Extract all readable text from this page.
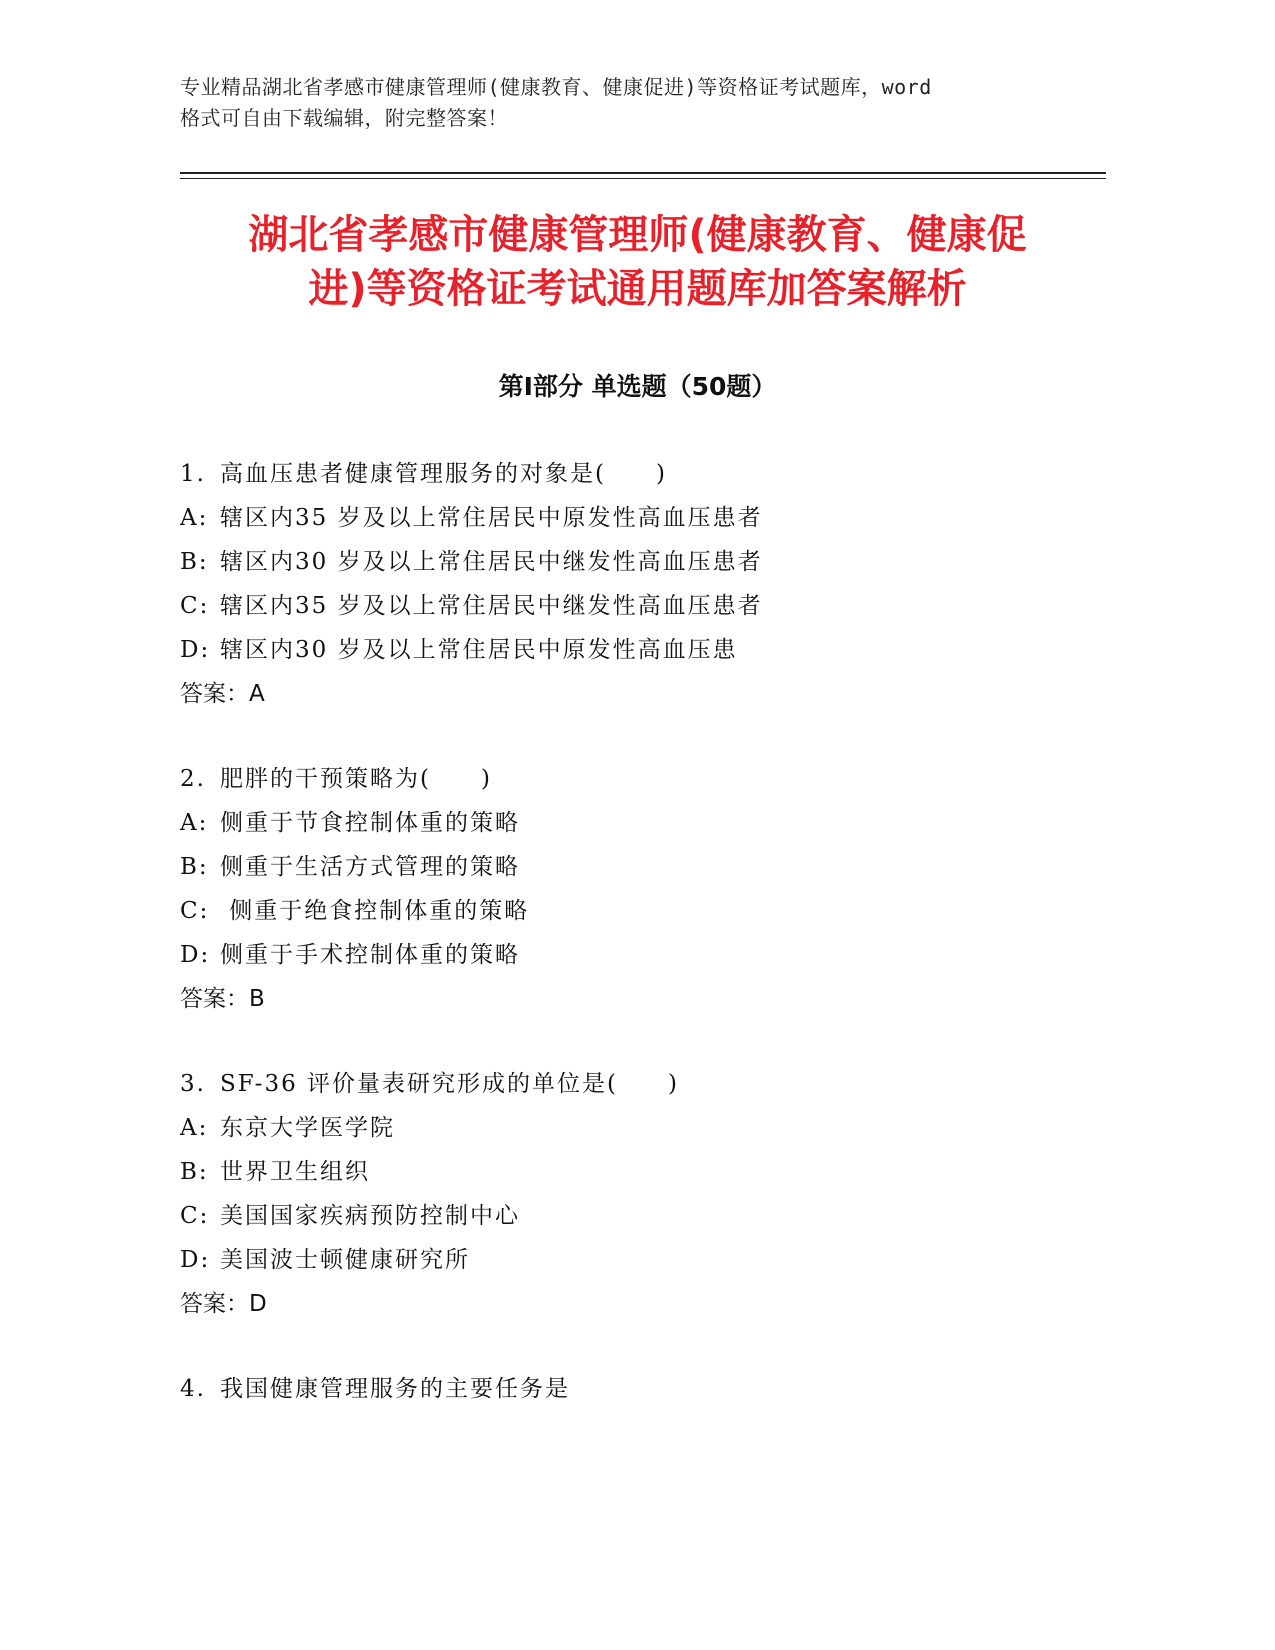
专业精品湖北省孝感市健康管理师(健康教育、健康促进)等资格证考试题库，word
格式可自由下载编辑，附完整答案！
湖北省孝感市健康管理师(健康教育、健康促
进)等资格证考试通用题库加答案解析
第Ⅰ部分 单选题（50题）
1. 高血压患者健康管理服务的对象是(　　)
A: 辖区内35 岁及以上常住居民中原发性高血压患者
B: 辖区内30 岁及以上常住居民中继发性高血压患者
C: 辖区内35 岁及以上常住居民中继发性高血压患者
D: 辖区内30 岁及以上常住居民中原发性高血压患
答案：A
2. 肥胖的干预策略为(　　)
A: 侧重于节食控制体重的策略
B: 侧重于生活方式管理的策略
C: 侧重于绝食控制体重的策略
D: 侧重于手术控制体重的策略
答案：B
3. SF-36 评价量表研究形成的单位是(　　)
A: 东京大学医学院
B: 世界卫生组织
C: 美国国家疾病预防控制中心
D: 美国波士顿健康研究所
答案：D
4. 我国健康管理服务的主要任务是
